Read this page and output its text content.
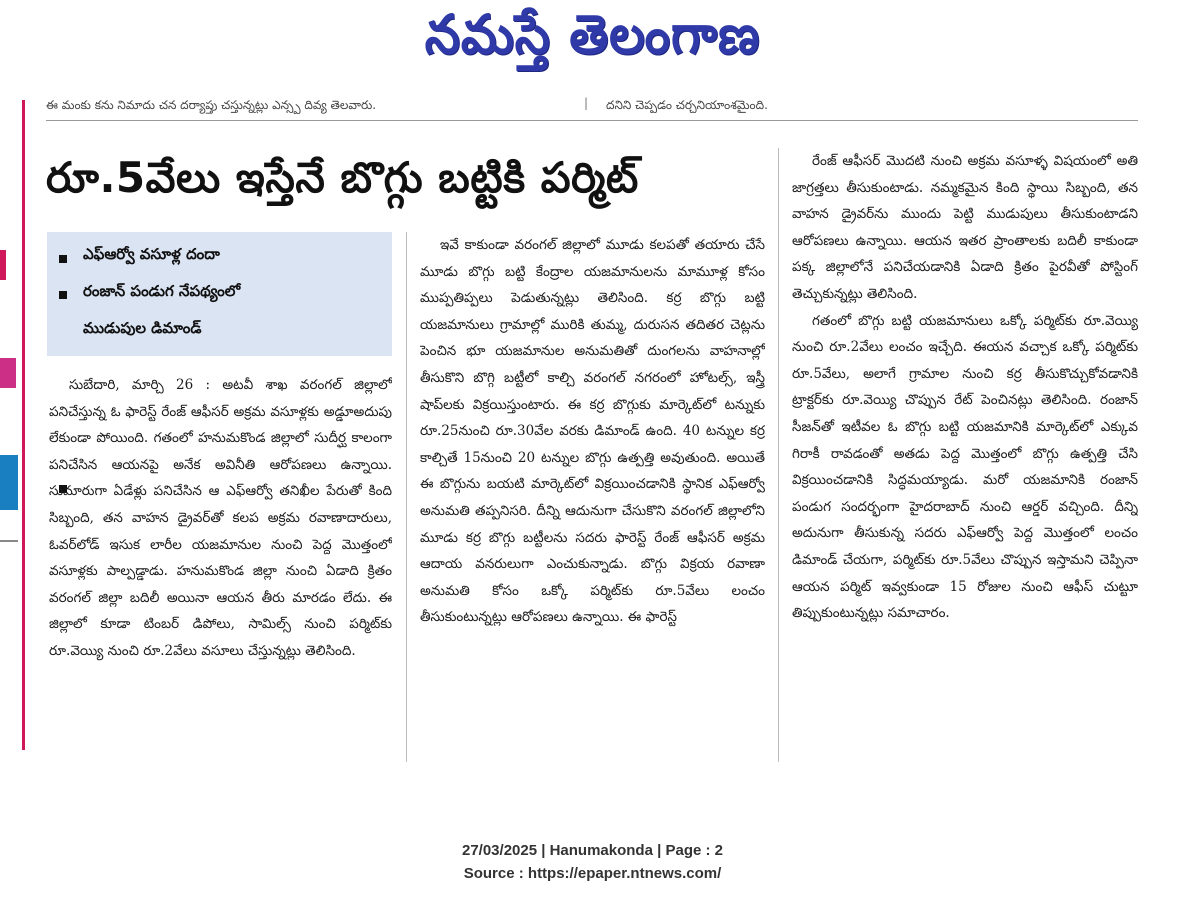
నమస్తే తెలంగాణ
ఈ మంకు కను నిమాదు చన దర్యాప్తు చస్తున్నట్లు ఎన్స్ప దివ్య తెలవారు.	| దనిని చెప్పడం చర్చనియాంశమైంది.
రూ.5వేలు ఇస్తేనే బొగ్గు బట్టికి పర్మిట్
ఎఫ్‌ఆర్వో వసూళ్ల దందా
రంజాన్ పండుగ నేపథ్యంలో
ముడుపుల డిమాండ్

సుబేదారి, మార్చి 26 : అటవీ శాఖ వరంగల్ జిల్లాలో పనిచేస్తున్న ఓ ఫారెస్ట్ రేంజ్ ఆఫీసర్ అక్రమ వసూళ్లకు అడ్డూఅదుపు లేకుండా పోయింది. గతంలో హనుమకొండ జిల్లాలో సుదీర్ఘ కాలంగా పనిచేసిన ఆయనపై అనేక అవినీతి ఆరోపణలు ఉన్నాయి. సుమారుగా ఏడేళ్లు పనిచేసిన ఆ ఎఫ్‌ఆర్వో తనిఖీల పేరుతో కింది సిబ్బంది, తన వాహన డ్రైవర్‌తో కలప అక్రమ రవాణాదారులు, ఓవర్‌లోడ్ ఇసుక లారీల యజమానుల నుంచి పెద్ద మొత్తంలో వసూళ్లకు పాల్పడ్డాడు. హనుమకొండ జిల్లా నుంచి ఏడాది క్రితం వరంగల్ జిల్లా బదిలీ అయినా ఆయన తీరు మారడం లేదు. ఈ జిల్లాలో కూడా టింబర్ డిపోలు, సామిల్స్ నుంచి పర్మిట్‌కు రూ.వెయ్యి నుంచి రూ.2వేలు వసూలు చేస్తున్నట్లు తెలిసింది.

ఇవే కాకుండా వరంగల్ జిల్లాలో మూడు కలపతో తయారు చేసే మూడు బొగ్గు బట్టి కేంద్రాల యజమానులను మామూళ్ల కోసం ముప్పతిప్పలు పెడుతున్నట్లు తెలిసింది. కర్ర బొగ్గు బట్టి యజమానులు గ్రామాల్లో మురికి తుమ్మ, దురుసన తదితర చెట్లను పెంచిన భూ యజమానుల అనుమతితో దుంగలను వాహనాల్లో తీసుకొని బొగ్గి బట్టీలో కాల్చి వరంగల్ నగరంలో హోటల్స్, ఇస్త్రీ షాప్‌లకు విక్రయిస్తుంటారు. ఈ కర్ర బొగ్గుకు మార్కెట్‌లో టన్నుకు రూ.25నుంచి రూ.30వేల వరకు డిమాండ్ ఉంది. 40 టన్నుల కర్ర కాల్చితే 15నుంచి 20 టన్నుల బొగ్గు ఉత్పత్తి అవుతుంది. అయితే ఈ బొగ్గును బయటి మార్కెట్‌లో విక్రయించడానికి స్థానిక ఎఫ్‌ఆర్వో అనుమతి తప్పనిసరి. దీన్ని ఆదునుగా చేసుకొని వరంగల్ జిల్లాలోని మూడు కర్ర బొగ్గు బట్టీలను సదరు ఫారెస్ట్ రేంజ్ ఆఫీసర్ అక్రమ ఆదాయ వనరులుగా ఎంచుకున్నాడు. బొగ్గు విక్రయ రవాణా అనుమతి కోసం ఒక్కో పర్మిట్‌కు రూ.5వేలు లంచం తీసుకుంటున్నట్లు ఆరోపణలు ఉన్నాయి. ఈ ఫారెస్ట్

రేంజ్ ఆఫీసర్ మొదటి నుంచి అక్రమ వసూళ్ళ విషయంలో అతి జాగ్రత్తలు తీసుకుంటాడు. నమ్మకమైన కింది స్థాయి సిబ్బంది, తన వాహన డ్రైవర్‌ను ముందు పెట్టి ముడుపులు తీసుకుంటాడని ఆరోపణలు ఉన్నాయి. ఆయన ఇతర ప్రాంతాలకు బదిలీ కాకుండా పక్క జిల్లాలోనే పనిచేయడానికి ఏడాది క్రితం పైరవీతో పోస్టింగ్ తెచ్చుకున్నట్లు తెలిసింది.

గతంలో బొగ్గు బట్టి యజమానులు ఒక్కో పర్మిట్‌కు రూ.వెయ్యి నుంచి రూ.2వేలు లంచం ఇచ్చేది. ఈయన వచ్చాక ఒక్కో పర్మిట్‌కు రూ.5వేలు, అలాగే గ్రామాల నుంచి కర్ర తీసుకొచ్చుకోవడానికి ట్రాక్టర్‌కు రూ.వెయ్యి చొప్పున రేట్ పెంచినట్లు తెలిసింది. రంజాన్ సీజన్‌తో ఇటీవల ఓ బొగ్గు బట్టి యజమానికి మార్కెట్‌లో ఎక్కువ గిరాకీ రావడంతో అతడు పెద్ద మొత్తంలో బొగ్గు ఉత్పత్తి చేసి విక్రయించడానికి సిద్ధమయ్యాడు. మరో యజమానికి రంజాన్ పండుగ సందర్భంగా హైదరాబాద్ నుంచి ఆర్డర్ వచ్చింది. దీన్ని అదునుగా తీసుకున్న సదరు ఎఫ్‌ఆర్వో పెద్ద మొత్తంలో లంచం డిమాండ్ చేయగా, పర్మిట్‌కు రూ.5వేలు చొప్పున ఇస్తామని చెప్పినా ఆయన పర్మిట్ ఇవ్వకుండా 15 రోజుల నుంచి ఆఫీస్ చుట్టూ తిప్పుకుంటున్నట్లు సమాచారం.

27/03/2025 | Hanumakonda | Page : 2
Source : https://epaper.ntnews.com/
